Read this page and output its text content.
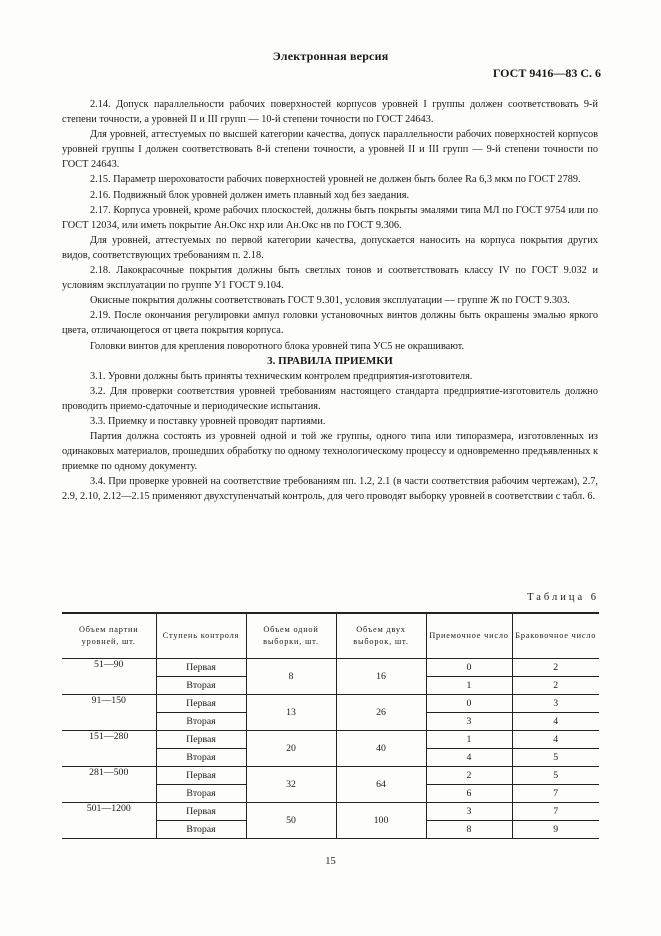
Электронная версия
ГОСТ 9416—83 С. 6

2.14. Допуск параллельности рабочих поверхностей корпусов уровней I группы должен соответствовать 9-й степени точности, а уровней II и III групп — 10-й степени точности по ГОСТ 24643.

Для уровней, аттестуемых по высшей категории качества, допуск параллельности рабочих поверхностей корпусов уровней группы I должен соответствовать 8-й степени точности, а уровней II и III групп — 9-й степени точности по ГОСТ 24643.

2.15. Параметр шероховатости рабочих поверхностей уровней не должен быть более Ra 6,3 мкм по ГОСТ 2789.

2.16. Подвижный блок уровней должен иметь плавный ход без заедания.

2.17. Корпуса уровней, кроме рабочих плоскостей, должны быть покрыты эмалями типа МЛ по ГОСТ 9754 или по ГОСТ 12034, или иметь покрытие Ан.Окс нхр или Ан.Окс нв по ГОСТ 9.306.

Для уровней, аттестуемых по первой категории качества, допускается наносить на корпуса покрытия других видов, соответствующих требованиям п. 2.18.

2.18. Лакокрасочные покрытия должны быть светлых тонов и соответствовать классу IV по ГОСТ 9.032 и условиям эксплуатации по группе У1 ГОСТ 9.104.

Окисные покрытия должны соответствовать ГОСТ 9.301, условия эксплуатации — группе Ж по ГОСТ 9.303.

2.19. После окончания регулировки ампул головки установочных винтов должны быть окрашены эмалью яркого цвета, отличающегося от цвета покрытия корпуса.

Головки винтов для крепления поворотного блока уровней типа УС5 не окрашивают.

3. ПРАВИЛА ПРИЕМКИ

3.1. Уровни должны быть приняты техническим контролем предприятия-изготовителя.

3.2. Для проверки соответствия уровней требованиям настоящего стандарта предприятие-изготовитель должно проводить приемо-сдаточные и периодические испытания.

3.3. Приемку и поставку уровней проводят партиями.

Партия должна состоять из уровней одной и той же группы, одного типа или типоразмера, изготовленных из одинаковых материалов, прошедших обработку по одному технологическому процессу и одновременно предъявленных к приемке по одному документу.

3.4. При проверке уровней на соответствие требованиям пп. 1.2, 2.1 (в части соответствия рабочим чертежам), 2.7, 2.9, 2.10, 2.12—2.15 применяют двухступенчатый контроль, для чего проводят выборку уровней в соответствии с табл. 6.

Таблица 6
Объем партии уровней, шт.	Ступень контроля	Объем одной выборки, шт.	Объем двух выборок, шт.	Приемочное число	Браковочное число
51—90	Первая	8	16	0	2
	Вторая			1	2
91—150	Первая	13	26	0	3
	Вторая			3	4
151—280	Первая	20	40	1	4
	Вторая			4	5
281—500	Первая	32	64	2	5
	Вторая			6	7
501—1200	Первая	50	100	3	7
	Вторая			8	9
15
